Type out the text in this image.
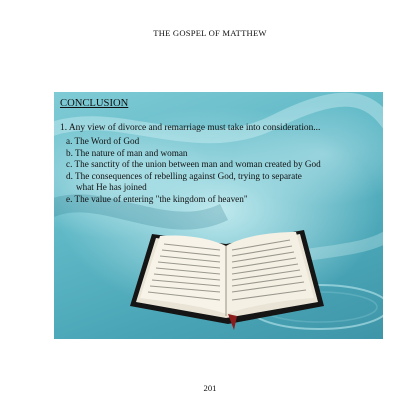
THE GOSPEL OF MATTHEW
CONCLUSION
1. Any view of divorce and remarriage must take into consideration...
a. The Word of God
b. The nature of man and woman
c. The sanctity of the union between man and woman created by God
d. The consequences of rebelling against God, trying to separate
what He has joined
e. The value of entering "the kingdom of heaven"
201
